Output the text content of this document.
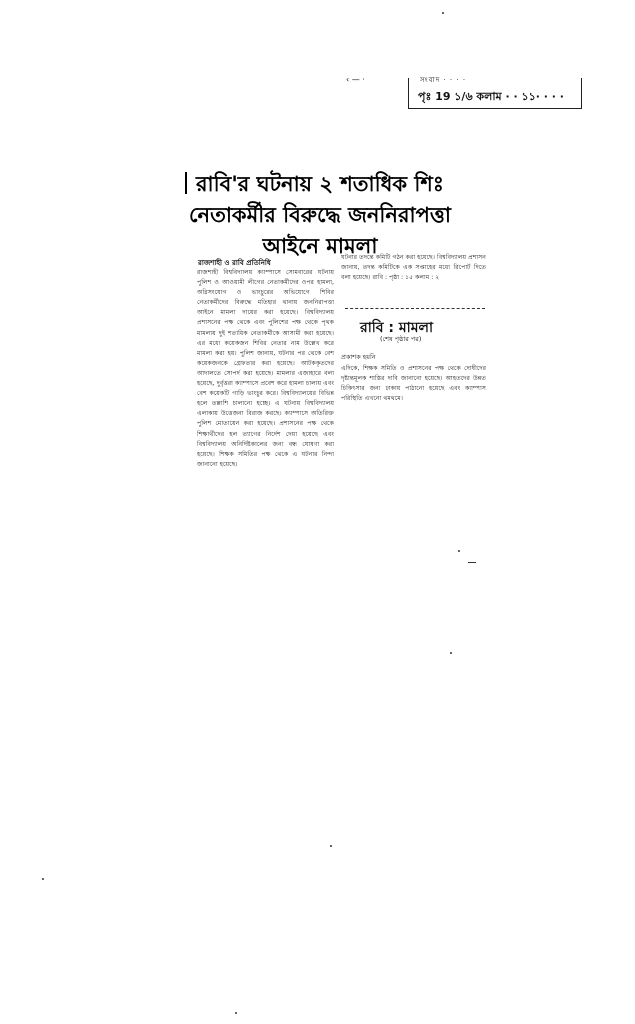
‹ — ·	সংবাদ · · · ·
পৃঃ 19 ১/৬ কলাম · · ১১· · · ·
রাবি'র ঘটনায় ২ শতাধিক শিঃ
নেতাকর্মীর বিরুদ্ধে জননিরাপত্তা
আইনে মামলা
রাজশাহী ও রাবি প্রতিনিধি

রাজশাহী বিশ্ববিদ্যালয় ক্যাম্পাসে সোমবারের ঘটনায় পুলিশ ও আওয়ামী লীগের নেতাকর্মীদের ওপর হামলা, অগ্নিসংযোগ ও ভাংচুরের অভিযোগে শিবির নেতাকর্মীদের বিরুদ্ধে মতিহার থানায় জননিরাপত্তা আইনে মামলা দায়ের করা হয়েছে। বিশ্ববিদ্যালয় প্রশাসনের পক্ষ থেকে এবং পুলিশের পক্ষ থেকে পৃথক মামলায় দুই শতাধিক নেতাকর্মীকে আসামী করা হয়েছে। এর মধ্যে কয়েকজন শিবির নেতার নাম উল্লেখ করে মামলা করা হয়। পুলিশ জানায়, ঘটনার পর থেকে বেশ কয়েকজনকে গ্রেফতার করা হয়েছে। আটককৃতদের আদালতে সোপর্দ করা হয়েছে। মামলার এজাহারে বলা হয়েছে, দুর্বৃত্তরা ক্যাম্পাসে প্রবেশ করে হামলা চালায় এবং বেশ কয়েকটি গাড়ি ভাংচুর করে। বিশ্ববিদ্যালয়ের বিভিন্ন হলে তল্লাশি চালানো হচ্ছে। এ ঘটনায় বিশ্ববিদ্যালয় এলাকায় উত্তেজনা বিরাজ করছে। ক্যাম্পাসে অতিরিক্ত পুলিশ মোতায়েন করা হয়েছে। প্রশাসনের পক্ষ থেকে শিক্ষার্থীদের হল ত্যাগের নির্দেশ দেয়া হয়েছে এবং বিশ্ববিদ্যালয় অনির্দিষ্টকালের জন্য বন্ধ ঘোষণা করা হয়েছে। শিক্ষক সমিতির পক্ষ থেকে এ ঘটনার নিন্দা জানানো হয়েছে।

ঘটনার তদন্তে কমিটি গঠন করা হয়েছে। বিশ্ববিদ্যালয় প্রশাসন জানায়, তদন্ত কমিটিকে এক সপ্তাহের মধ্যে রিপোর্ট দিতে বলা হয়েছে। রাবি : পৃষ্ঠা : ১৫ কলাম : ২

রাবি : মামলা
(শেষ পৃষ্ঠার পর)
প্রকাশক হয়নি

এদিকে, শিক্ষক সমিতি ও প্রশাসনের পক্ষ থেকে দোষীদের দৃষ্টান্তমূলক শাস্তির দাবি জানানো হয়েছে। আহতদের উন্নত চিকিৎসার জন্য ঢাকায় পাঠানো হয়েছে এবং ক্যাম্পাস পরিস্থিতি এখনো থমথমে।
